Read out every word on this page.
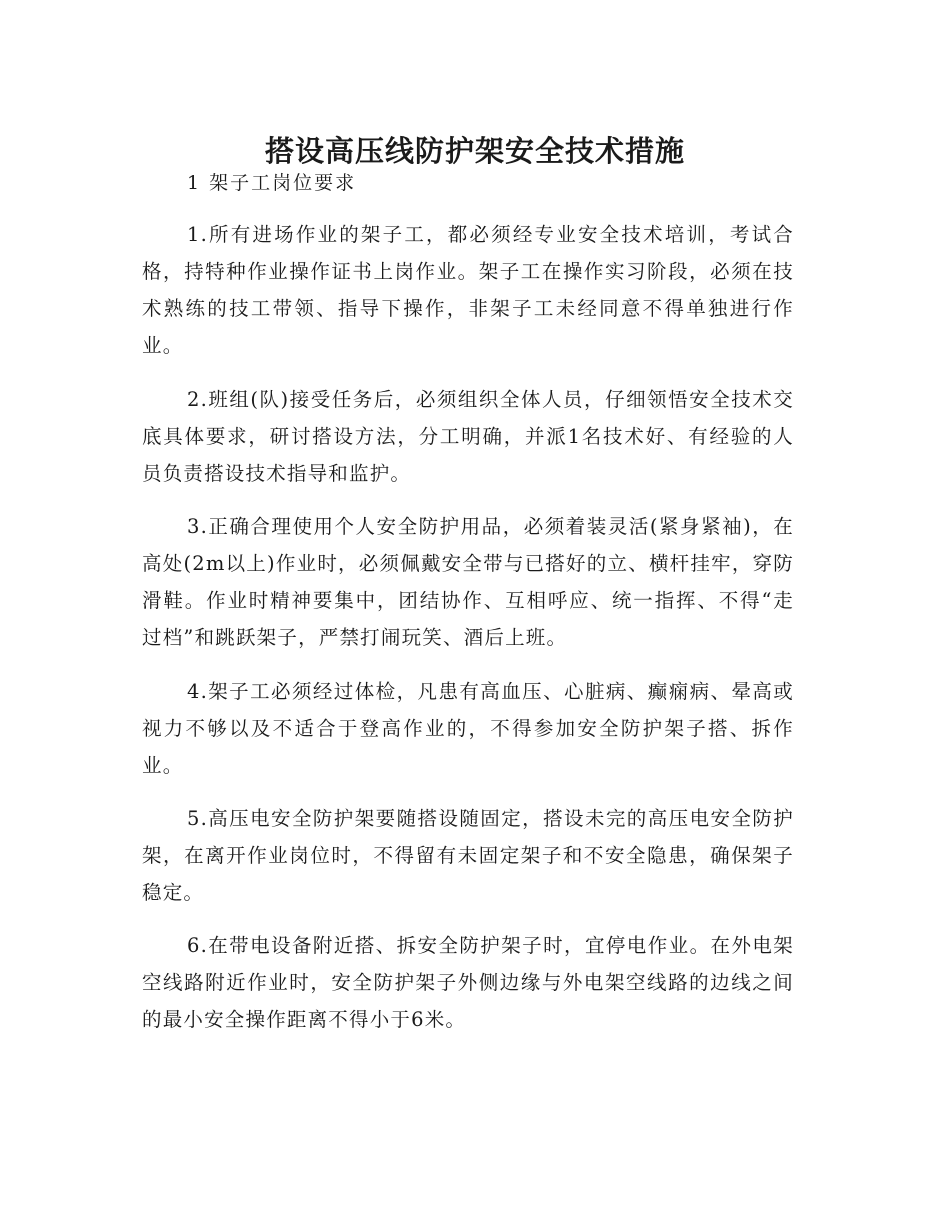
搭设高压线防护架安全技术措施
1 架子工岗位要求

1.所有进场作业的架子工，都必须经专业安全技术培训，考试合格，持特种作业操作证书上岗作业。架子工在操作实习阶段，必须在技术熟练的技工带领、指导下操作，非架子工未经同意不得单独进行作业。

2.班组(队)接受任务后，必须组织全体人员，仔细领悟安全技术交底具体要求，研讨搭设方法，分工明确，并派1名技术好、有经验的人员负责搭设技术指导和监护。

3.正确合理使用个人安全防护用品，必须着装灵活(紧身紧袖)，在高处(2m以上)作业时，必须佩戴安全带与已搭好的立、横杆挂牢，穿防滑鞋。作业时精神要集中，团结协作、互相呼应、统一指挥、不得“走过档”和跳跃架子，严禁打闹玩笑、酒后上班。

4.架子工必须经过体检，凡患有高血压、心脏病、癫痫病、晕高或视力不够以及不适合于登高作业的，不得参加安全防护架子搭、拆作业。

5.高压电安全防护架要随搭设随固定，搭设未完的高压电安全防护架，在离开作业岗位时，不得留有未固定架子和不安全隐患，确保架子稳定。

6.在带电设备附近搭、拆安全防护架子时，宜停电作业。在外电架空线路附近作业时，安全防护架子外侧边缘与外电架空线路的边线之间的最小安全操作距离不得小于6米。
